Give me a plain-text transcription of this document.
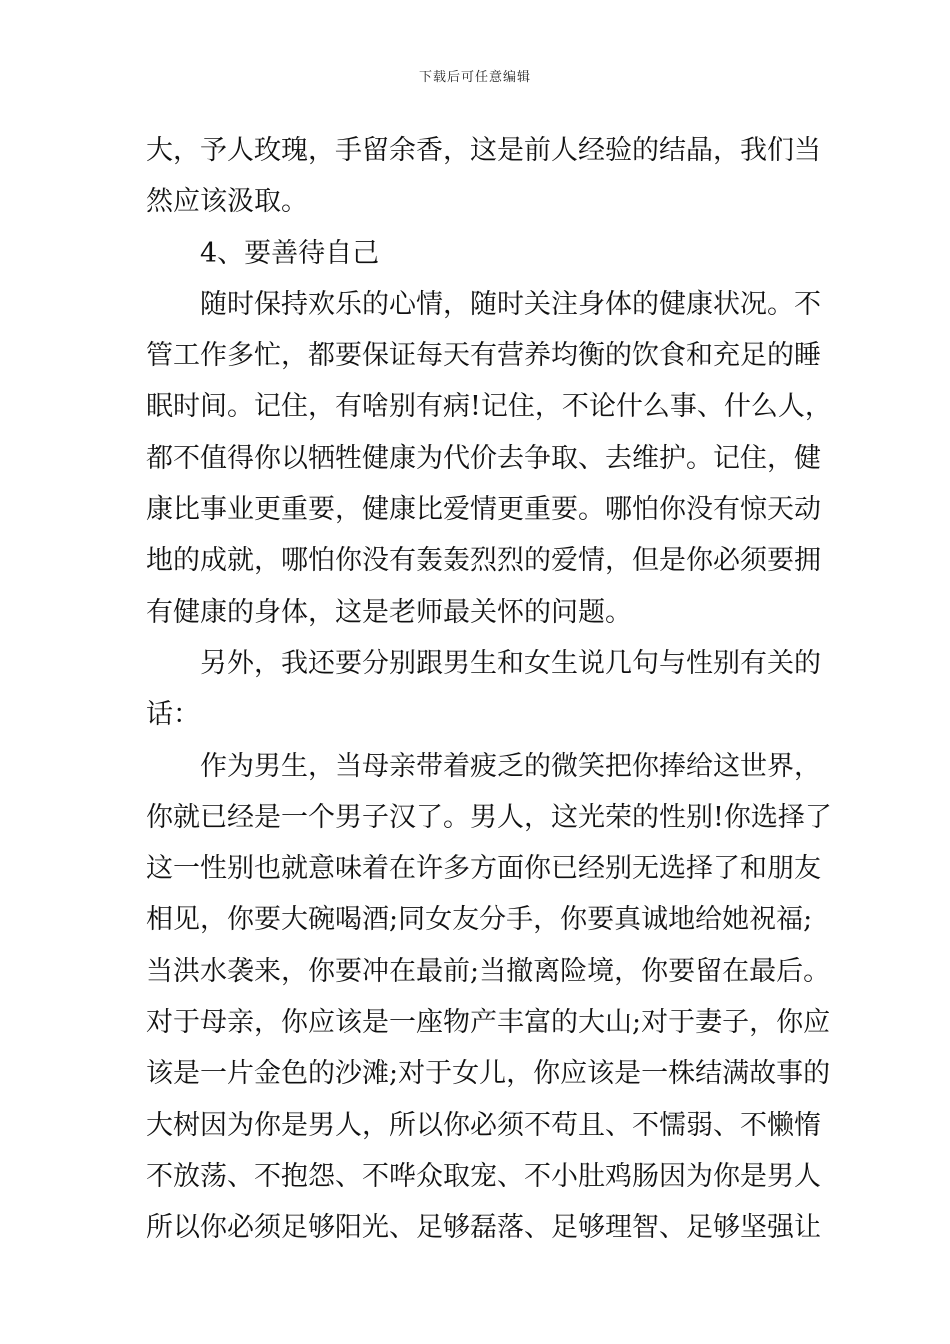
下载后可任意编辑
大，予人玫瑰，手留余香，这是前人经验的结晶，我们当
然应该汲取。
4、要善待自己
随时保持欢乐的心情，随时关注身体的健康状况。不
管工作多忙，都要保证每天有营养均衡的饮食和充足的睡
眠时间。记住，有啥别有病!记住，不论什么事、什么人，
都不值得你以牺牲健康为代价去争取、去维护。记住，健
康比事业更重要，健康比爱情更重要。哪怕你没有惊天动
地的成就，哪怕你没有轰轰烈烈的爱情，但是你必须要拥
有健康的身体，这是老师最关怀的问题。
另外，我还要分别跟男生和女生说几句与性别有关的
话：
作为男生，当母亲带着疲乏的微笑把你捧给这世界，
你就已经是一个男子汉了。男人，这光荣的性别!你选择了
这一性别也就意味着在许多方面你已经别无选择了和朋友
相见，你要大碗喝酒;同女友分手，你要真诚地给她祝福;
当洪水袭来，你要冲在最前;当撤离险境，你要留在最后。
对于母亲，你应该是一座物产丰富的大山;对于妻子，你应
该是一片金色的沙滩;对于女儿，你应该是一株结满故事的
大树因为你是男人，所以你必须不苟且、不懦弱、不懒惰
不放荡、不抱怨、不哗众取宠、不小肚鸡肠因为你是男人
所以你必须足够阳光、足够磊落、足够理智、足够坚强让
